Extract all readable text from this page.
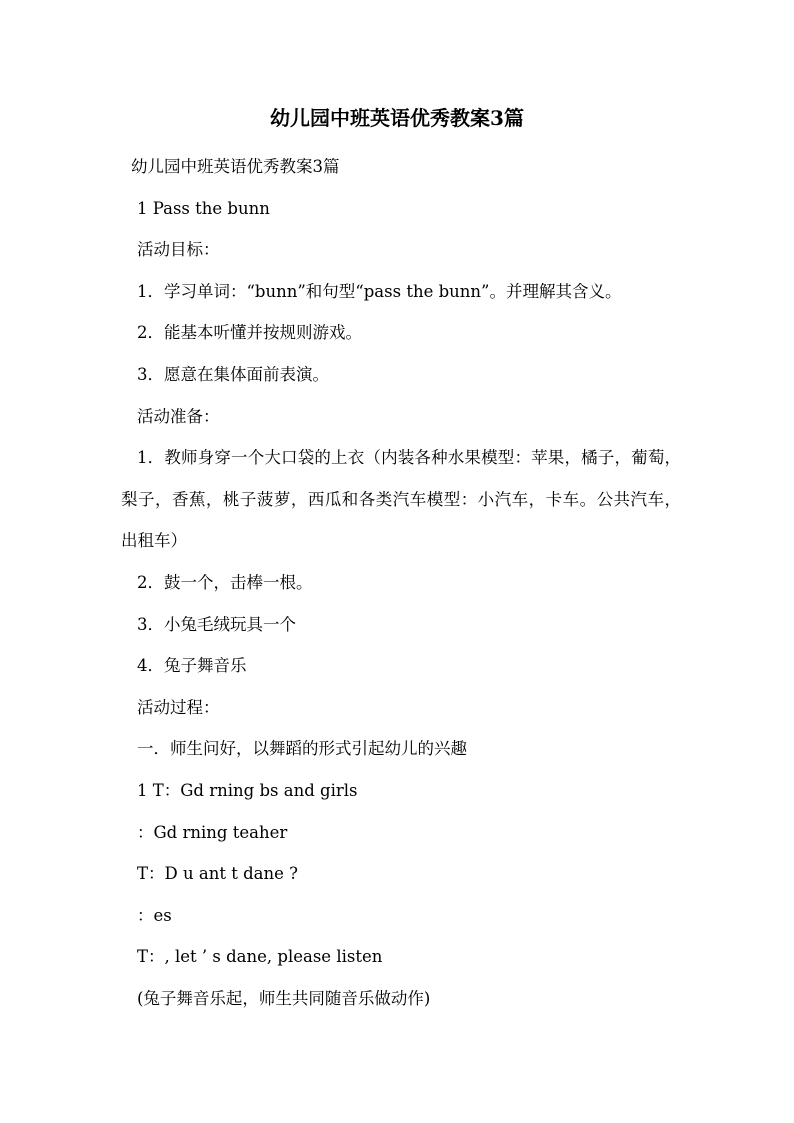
幼儿园中班英语优秀教案3篇

幼儿园中班英语优秀教案3篇

1 Pass the bunn

活动目标：

1．学习单词：“bunn”和句型“pass the bunn”。并理解其含义。

2．能基本听懂并按规则游戏。

3．愿意在集体面前表演。

活动准备：

1．教师身穿一个大口袋的上衣（内装各种水果模型：苹果，橘子，葡萄，梨子，香蕉，桃子菠萝，西瓜和各类汽车模型：小汽车，卡车。公共汽车，出租车）

2．鼓一个，击棒一根。

3．小兔毛绒玩具一个

4．兔子舞音乐

活动过程：

一．师生问好，以舞蹈的形式引起幼儿的兴趣

1 T：Gd rning bs and girls

：Gd rning teaher

T：D u ant t dane ?

：es

T：, let ’ s dane, please listen

(兔子舞音乐起，师生共同随音乐做动作)
